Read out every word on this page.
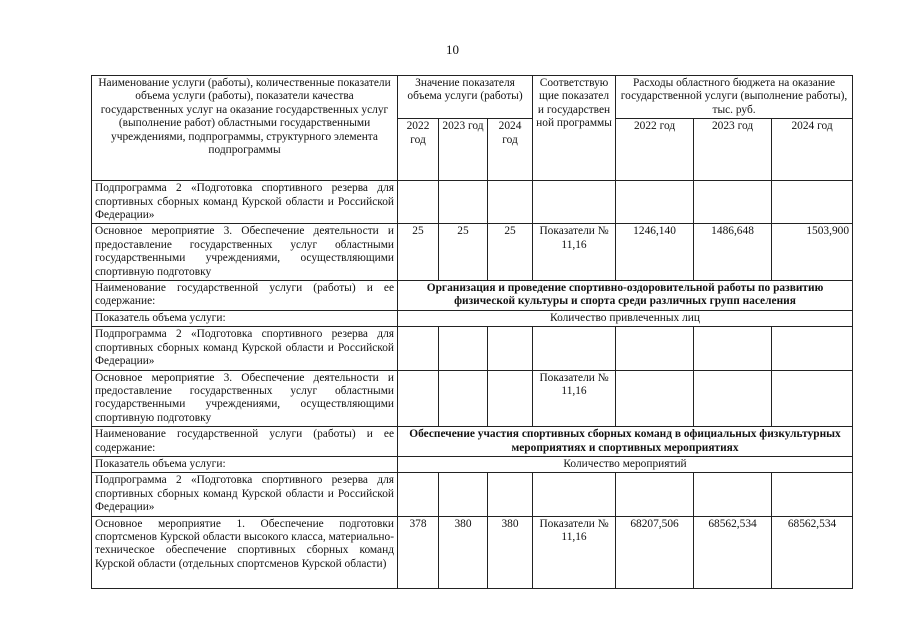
10
Наименование услуги (работы), количественные показатели объема услуги (работы), показатели качества государственных услуг на оказание государственных услуг (выполнение работ) областными государственными учреждениями, подпрограммы, структурного элемента подпрограммы	Значение показателя объема услуги (работы)			Соответствующие показатели государственной программы	Расходы областного бюджета на оказание государственной услуги (выполнение работы), тыс. руб.		
	2022 год	2023 год	2024 год		2022 год	2023 год	2024 год
Подпрограмма 2 «Подготовка спортивного резерва для спортивных сборных команд Курской области и Российской Федерации»							
Основное мероприятие 3. Обеспечение деятельности и предоставление государственных услуг областными государственными учреждениями, осуществляющими спортивную подготовку	25	25	25	Показатели № 11,16	1246,140	1486,648	1503,900
Наименование государственной услуги (работы) и ее содержание:	Организация и проведение спортивно-оздоровительной работы по развитию физической культуры и спорта среди различных групп населения						
Показатель объема услуги:	Количество привлеченных лиц						
Подпрограмма 2 «Подготовка спортивного резерва для спортивных сборных команд Курской области и Российской Федерации»							
Основное мероприятие 3. Обеспечение деятельности и предоставление государственных услуг областными государственными учреждениями, осуществляющими спортивную подготовку				Показатели № 11,16			
Наименование государственной услуги (работы) и ее содержание:	Обеспечение участия спортивных сборных команд в официальных физкультурных мероприятиях и спортивных мероприятиях						
Показатель объема услуги:	Количество мероприятий						
Подпрограмма 2 «Подготовка спортивного резерва для спортивных сборных команд Курской области и Российской Федерации»							
Основное мероприятие 1. Обеспечение подготовки спортсменов Курской области высокого класса, материально-техническое обеспечение спортивных сборных команд Курской области (отдельных спортсменов Курской области)	378	380	380	Показатели № 11,16	68207,506	68562,534	68562,534
